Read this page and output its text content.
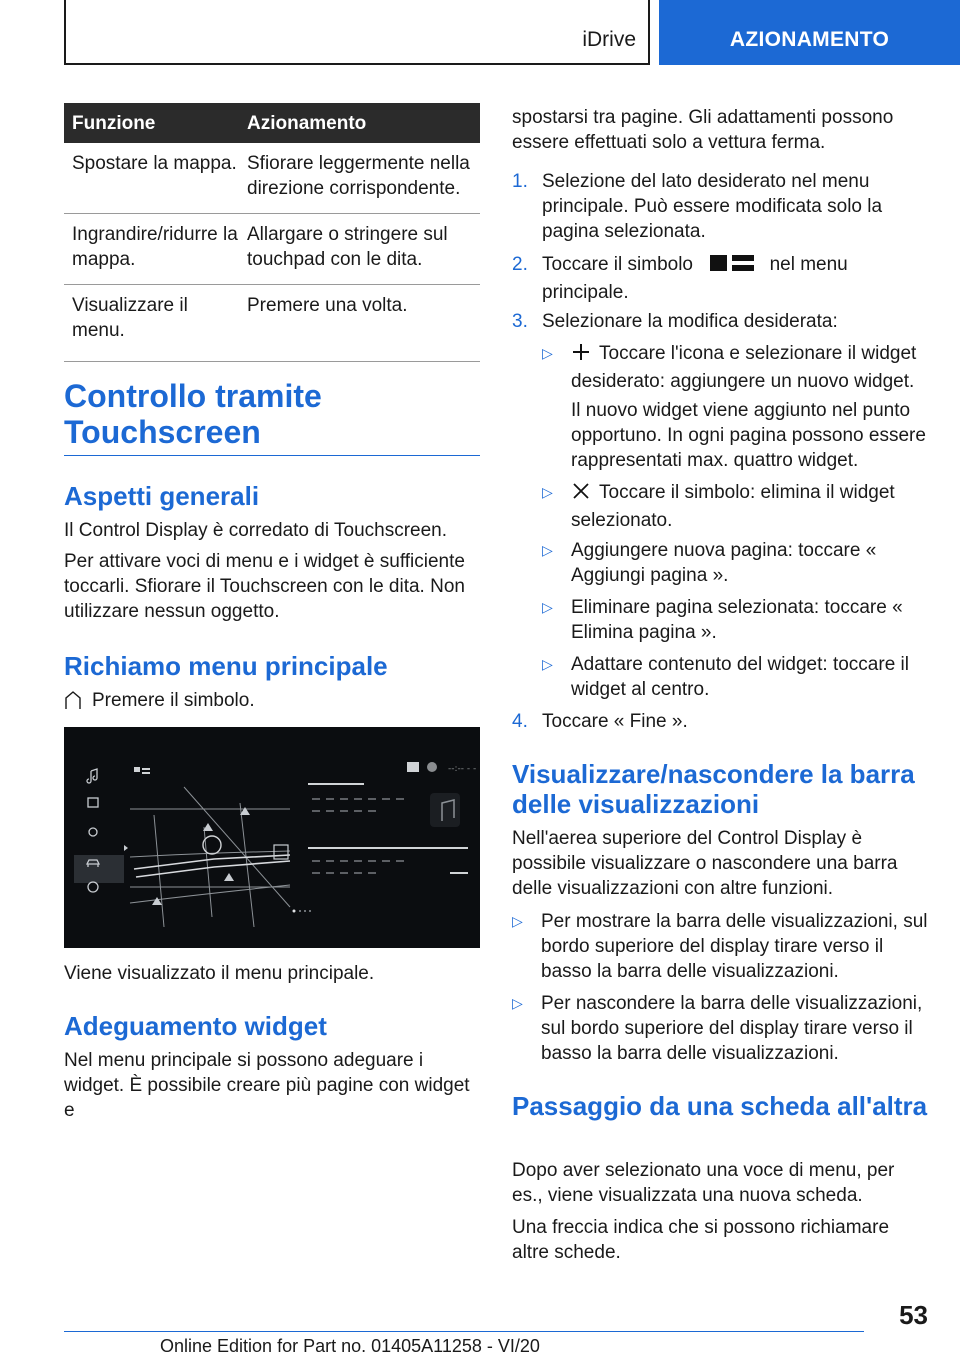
iDrive	AZIONAMENTO
Funzione	Azionamento
Spostare la mappa.	Sfiorare leggermente nella direzione corrispondente.
Ingrandire/ridurre la mappa.	Allargare o stringere sul touchpad con le dita.
Visualizzare il menu.	Premere una volta.
Controllo tramite Touchscreen
Aspetti generali
Il Control Display è corredato di Touchscreen.
Per attivare voci di menu e i widget è sufficiente toccarli. Sfiorare il Touchscreen con le dita. Non utilizzare nessun oggetto.
Richiamo menu principale
Premere il simbolo.
--:-- - -
Viene visualizzato il menu principale.
Adeguamento widget
Nel menu principale si possono adeguare i widget. È possibile creare più pagine con widget e
spostarsi tra pagine. Gli adattamenti possono essere effettuati solo a vettura ferma.
1. Selezione del lato desiderato nel menu principale. Può essere modificata solo la pagina selezionata.
2. Toccare il simbolo	nel menu principale.
3. Selezionare la modifica desiderata:
▷ Toccare l'icona e selezionare il widget desiderato: aggiungere un nuovo widget.
Il nuovo widget viene aggiunto nel punto opportuno. In ogni pagina possono essere rappresentati max. quattro widget.
▷ Toccare il simbolo: elimina il widget selezionato.
▷ Aggiungere nuova pagina: toccare « Aggiungi pagina ».
▷ Eliminare pagina selezionata: toccare « Elimina pagina ».
▷ Adattare contenuto del widget: toccare il widget al centro.
4. Toccare « Fine ».
Visualizzare/nascondere la barra delle visualizzazioni
Nell'aerea superiore del Control Display è possibile visualizzare o nascondere una barra delle visualizzazioni con altre funzioni.
▷ Per mostrare la barra delle visualizzazioni, sul bordo superiore del display tirare verso il basso la barra delle visualizzazioni.
▷ Per nascondere la barra delle visualizzazioni, sul bordo superiore del display tirare verso il basso la barra delle visualizzazioni.
Passaggio da una scheda all'altra
Dopo aver selezionato una voce di menu, per es., viene visualizzata una nuova scheda.
Una freccia indica che si possono richiamare altre schede.
53
Online Edition for Part no. 01405A11258 - VI/20
